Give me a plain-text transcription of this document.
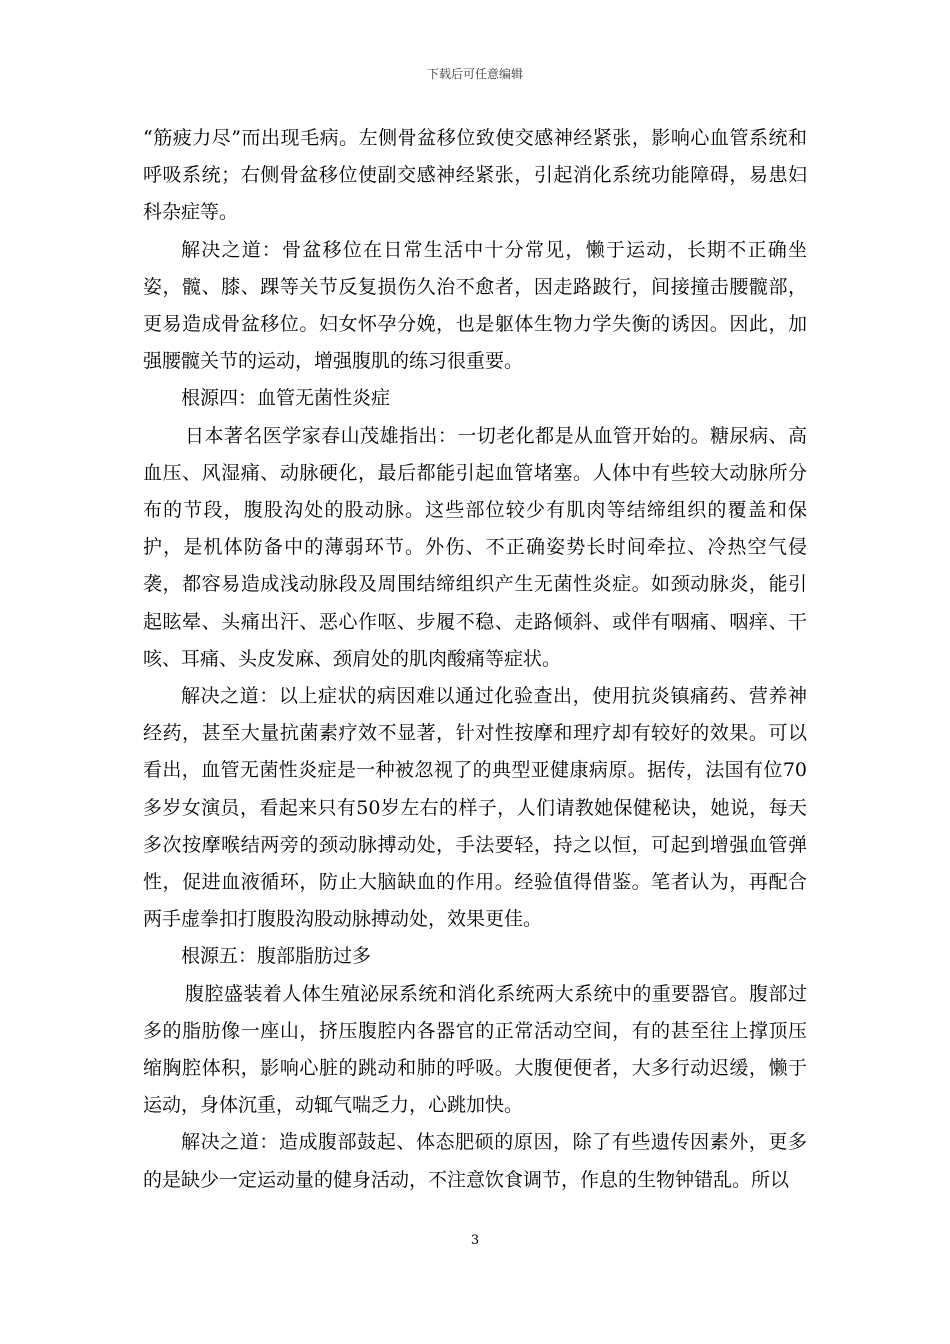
下载后可任意编辑

“筋疲力尽”而出现毛病。左侧骨盆移位致使交感神经紧张，影响心血管系统和呼吸系统；右侧骨盆移位使副交感神经紧张，引起消化系统功能障碍，易患妇科杂症等。

解决之道：骨盆移位在日常生活中十分常见，懒于运动，长期不正确坐姿，髋、膝、踝等关节反复损伤久治不愈者，因走路跛行，间接撞击腰髋部，更易造成骨盆移位。妇女怀孕分娩，也是躯体生物力学失衡的诱因。因此，加强腰髋关节的运动，增强腹肌的练习很重要。

根源四：血管无菌性炎症

日本著名医学家春山茂雄指出：一切老化都是从血管开始的。糖尿病、高血压、风湿痛、动脉硬化，最后都能引起血管堵塞。人体中有些较大动脉所分布的节段，腹股沟处的股动脉。这些部位较少有肌肉等结缔组织的覆盖和保护，是机体防备中的薄弱环节。外伤、不正确姿势长时间牵拉、冷热空气侵袭，都容易造成浅动脉段及周围结缔组织产生无菌性炎症。如颈动脉炎，能引起眩晕、头痛出汗、恶心作呕、步履不稳、走路倾斜、或伴有咽痛、咽痒、干咳、耳痛、头皮发麻、颈肩处的肌肉酸痛等症状。

解决之道：以上症状的病因难以通过化验查出，使用抗炎镇痛药、营养神经药，甚至大量抗菌素疗效不显著，针对性按摩和理疗却有较好的效果。可以看出，血管无菌性炎症是一种被忽视了的典型亚健康病原。据传，法国有位70多岁女演员，看起来只有50岁左右的样子，人们请教她保健秘诀，她说，每天多次按摩喉结两旁的颈动脉搏动处，手法要轻，持之以恒，可起到增强血管弹性，促进血液循环，防止大脑缺血的作用。经验值得借鉴。笔者认为，再配合两手虚拳扣打腹股沟股动脉搏动处，效果更佳。

根源五：腹部脂肪过多

腹腔盛装着人体生殖泌尿系统和消化系统两大系统中的重要器官。腹部过多的脂肪像一座山，挤压腹腔内各器官的正常活动空间，有的甚至往上撑顶压缩胸腔体积，影响心脏的跳动和肺的呼吸。大腹便便者，大多行动迟缓，懒于运动，身体沉重，动辄气喘乏力，心跳加快。

解决之道：造成腹部鼓起、体态肥硕的原因，除了有些遗传因素外，更多的是缺少一定运动量的健身活动，不注意饮食调节，作息的生物钟错乱。所以

3
